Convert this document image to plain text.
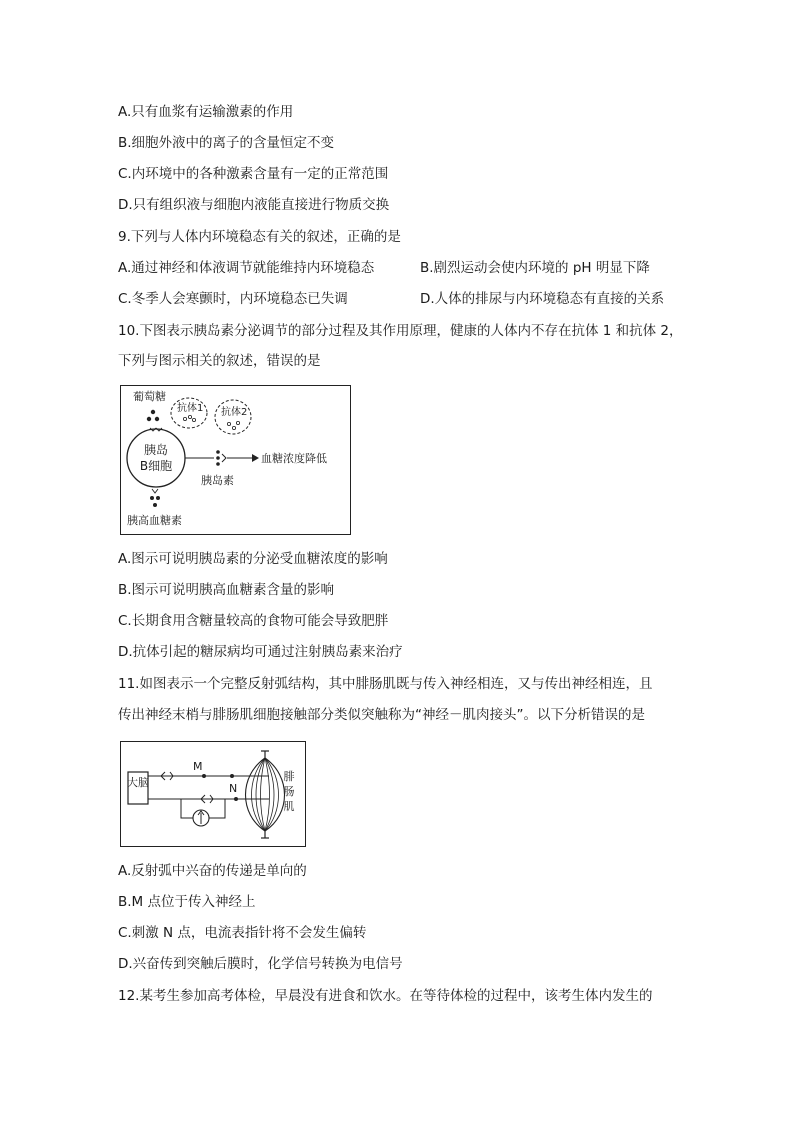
A.只有血浆有运输激素的作用
B.细胞外液中的离子的含量恒定不变
C.内环境中的各种激素含量有一定的正常范围
D.只有组织液与细胞内液能直接进行物质交换
9.下列与人体内环境稳态有关的叙述，正确的是
A.通过神经和体液调节就能维持内环境稳态	B.剧烈运动会使内环境的 pH 明显下降
C.冬季人会寒颤时，内环境稳态已失调	D.人体的排尿与内环境稳态有直接的关系
10.下图表示胰岛素分泌调节的部分过程及其作用原理，健康的人体内不存在抗体 1 和抗体 2，
下列与图示相关的叙述，错误的是
葡萄糖
抗体1 抗体2
胰岛
B细胞
血糖浓度降低
胰岛素
胰高血糖素
A.图示可说明胰岛素的分泌受血糖浓度的影响
B.图示可说明胰高血糖素含量的影响
C.长期食用含糖量较高的食物可能会导致肥胖
D.抗体引起的糖尿病均可通过注射胰岛素来治疗
11.如图表示一个完整反射弧结构，其中腓肠肌既与传入神经相连，又与传出神经相连，且
传出神经末梢与腓肠肌细胞接触部分类似突触称为“神经－肌肉接头”。以下分析错误的是
大脑
M
N
腓
肠
肌
A.反射弧中兴奋的传递是单向的
B.M 点位于传入神经上
C.刺激 N 点，电流表指针将不会发生偏转
D.兴奋传到突触后膜时，化学信号转换为电信号
12.某考生参加高考体检，早晨没有进食和饮水。在等待体检的过程中，该考生体内发生的
